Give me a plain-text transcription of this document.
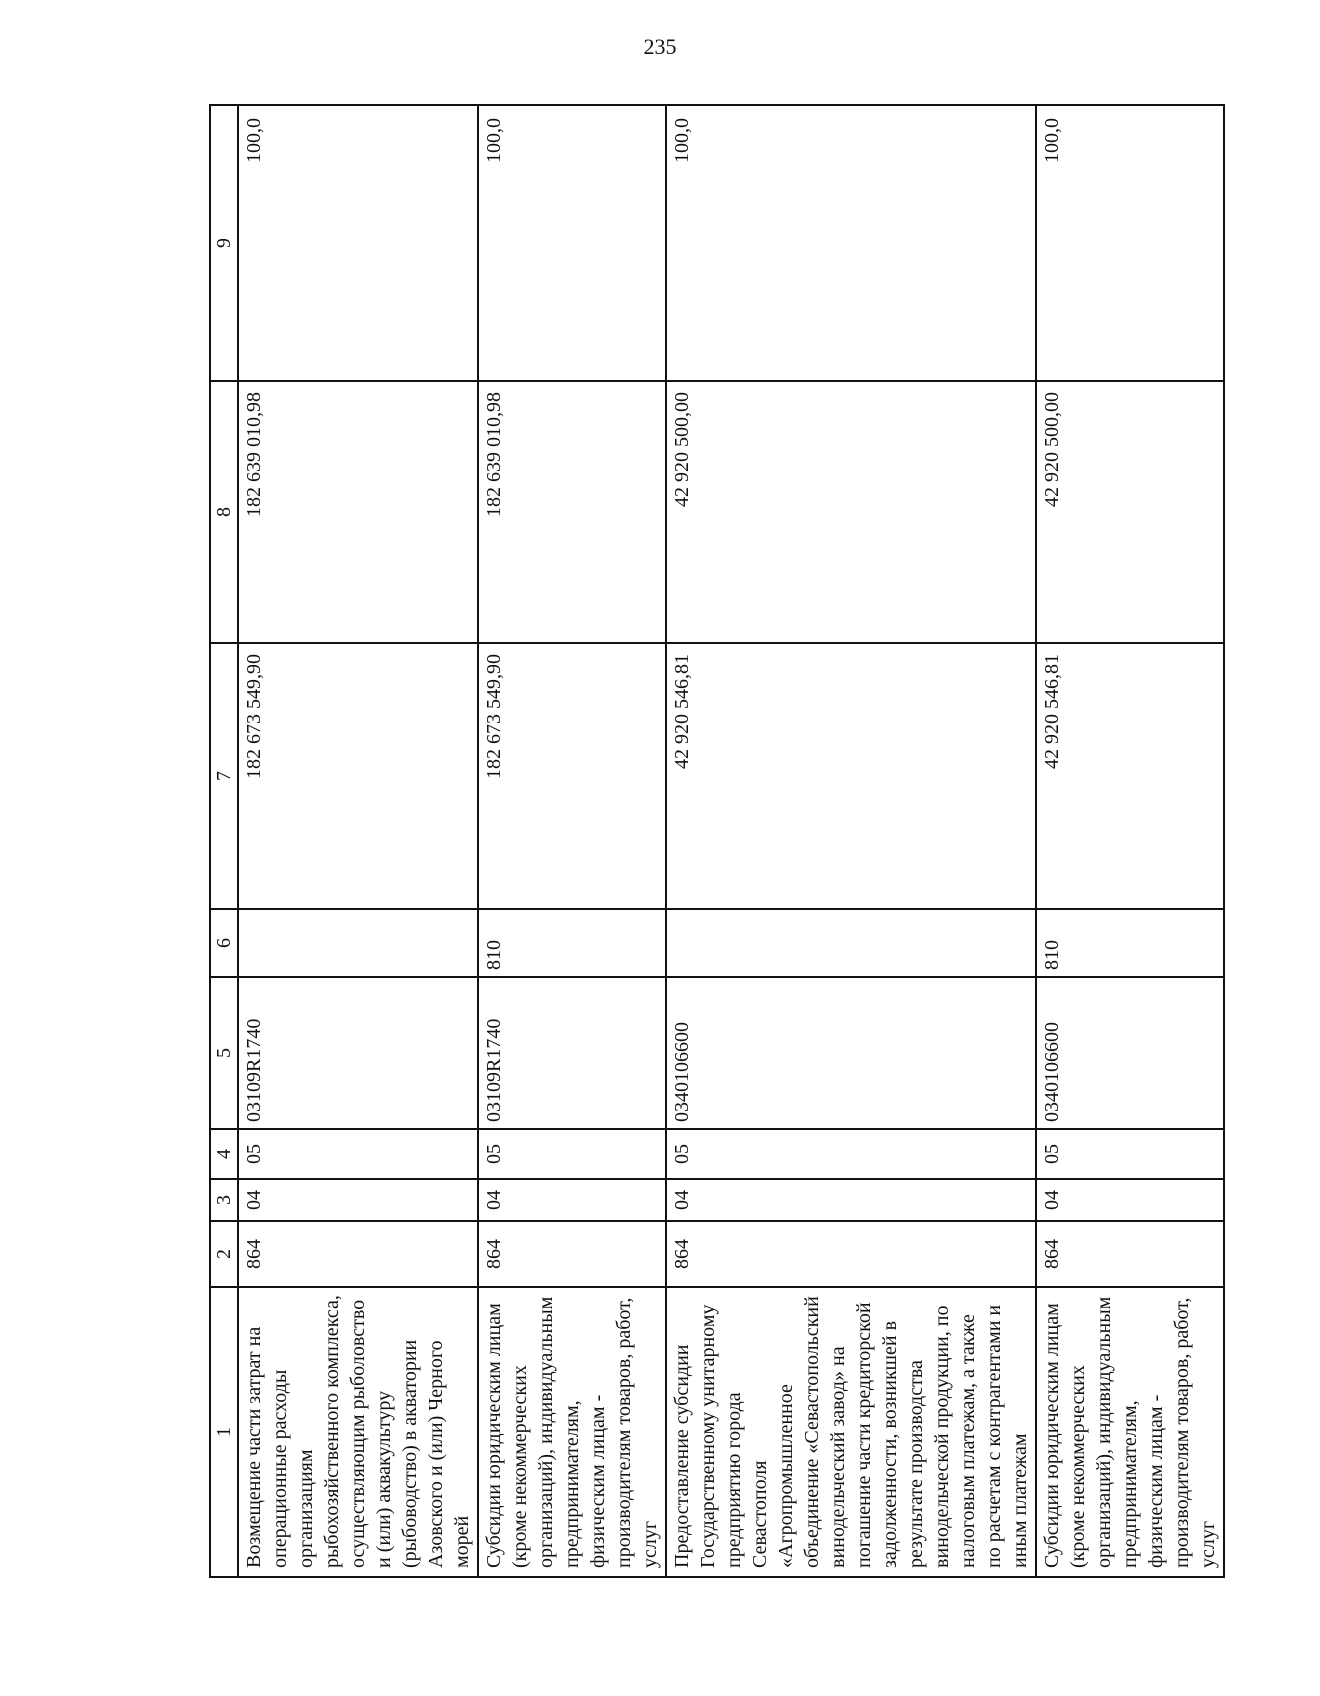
235
1	2	3	4	5	6	7	8	9
Возмещение части затрат на операционные расходы организациям рыбохозяйственного комплекса, осуществляющим рыболовство и (или) аквакультуру (рыбоводство) в акватории Азовского и (или) Черного морей	864	04	05	03109R1740		182 673 549,90	182 639 010,98	100,0
Субсидии юридическим лицам (кроме некоммерческих организаций), индивидуальным предпринимателям, физическим лицам - производителям товаров, работ, услуг	864	04	05	03109R1740	810	182 673 549,90	182 639 010,98	100,0
Предоставление субсидии Государственному унитарному предприятию города Севастополя «Агропромышленное объединение «Севастопольский винодельческий завод» на погашение части кредиторской задолженности, возникшей в результате производства винодельческой продукции, по налоговым платежам, а также по расчетам с контрагентами и иным платежам	864	04	05	0340106600		42 920 546,81	42 920 500,00	100,0
Субсидии юридическим лицам (кроме некоммерческих организаций), индивидуальным предпринимателям, физическим лицам - производителям товаров, работ, услуг	864	04	05	0340106600	810	42 920 546,81	42 920 500,00	100,0
